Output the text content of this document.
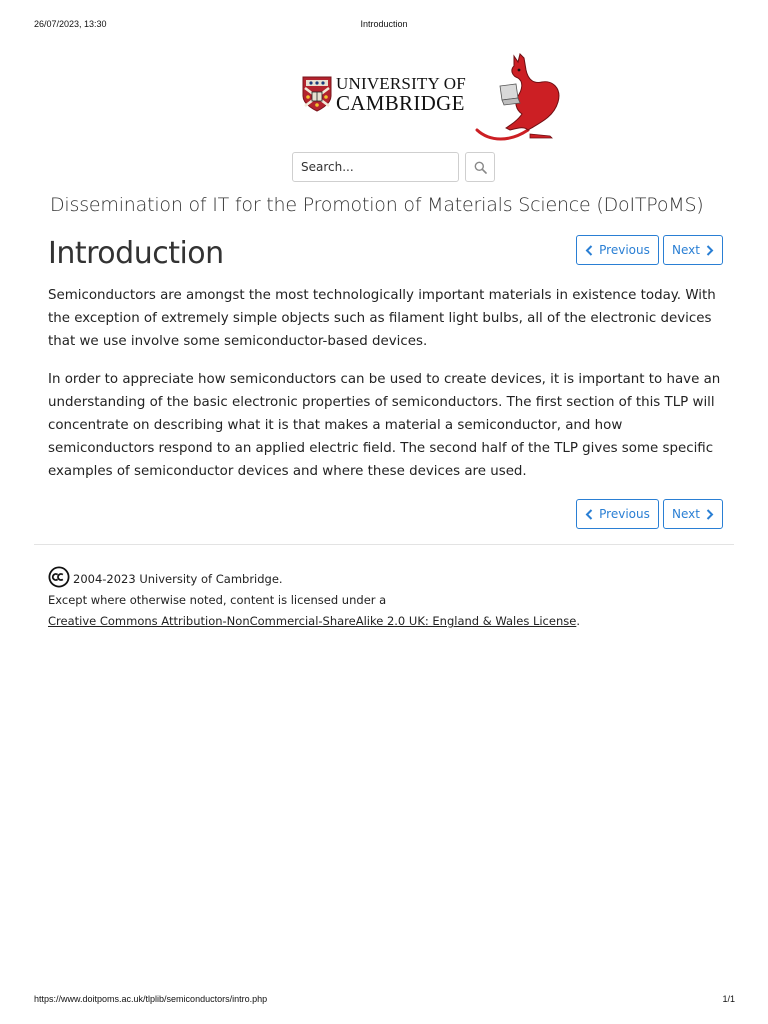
26/07/2023, 13:30	Introduction
UNIVERSITY OF
CAMBRIDGE
Search...
Dissemination of IT for the Promotion of Materials Science (DoITPoMS)
Introduction	Previous Next

Semiconductors are amongst the most technologically important materials in existence today. With the exception of extremely simple objects such as filament light bulbs, all of the electronic devices that we use involve some semiconductor-based devices.

In order to appreciate how semiconductors can be used to create devices, it is important to have an understanding of the basic electronic properties of semiconductors. The first section of this TLP will concentrate on describing what it is that makes a material a semiconductor, and how semiconductors respond to an applied electric field. The second half of the TLP gives some specific examples of semiconductor devices and where these devices are used.

Previous Next
2004-2023 University of Cambridge.
Except where otherwise noted, content is licensed under a
Creative Commons Attribution-NonCommercial-ShareAlike 2.0 UK: England & Wales License.
https://www.doitpoms.ac.uk/tlplib/semiconductors/intro.php	1/1
